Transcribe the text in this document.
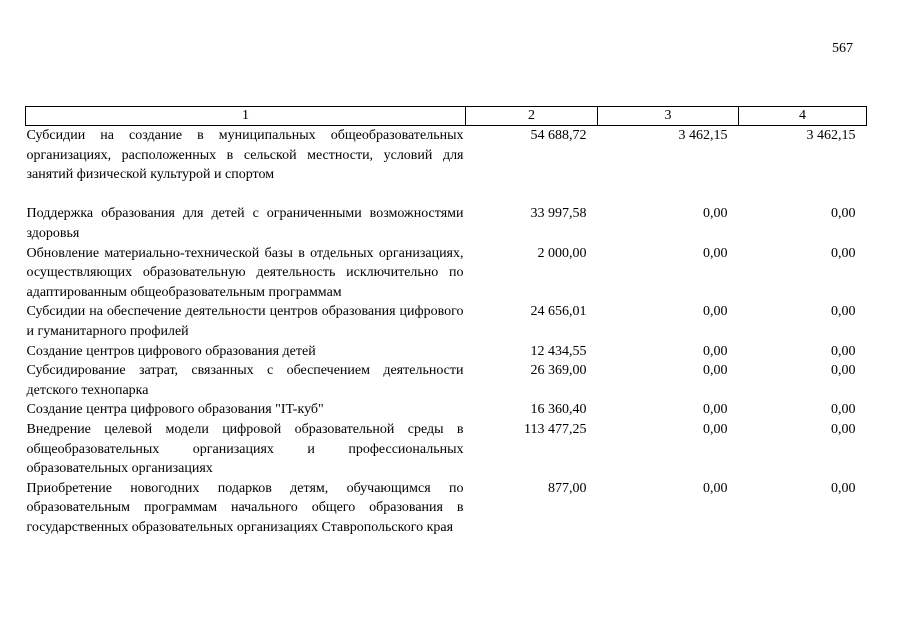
567
1	2	3	4
Субсидии на создание в муниципальных общеобразовательных организациях, расположенных в сельской местности, условий для занятий физической культурой и спортом	54 688,72	3 462,15	3 462,15
Поддержка образования для детей с ограниченными возможностями здоровья	33 997,58	0,00	0,00
Обновление материально-технической базы в отдельных организациях, осуществляющих образовательную деятельность исключительно по адаптированным общеобразовательным программам	2 000,00	0,00	0,00
Субсидии на обеспечение деятельности центров образования цифрового и гуманитарного профилей	24 656,01	0,00	0,00
Создание центров цифрового образования детей	12 434,55	0,00	0,00
Субсидирование затрат, связанных с обеспечением деятельности детского технопарка	26 369,00	0,00	0,00
Создание центра цифрового образования "IT-куб"	16 360,40	0,00	0,00
Внедрение целевой модели цифровой образовательной среды в общеобразовательных организациях и профессиональных образовательных организациях	113 477,25	0,00	0,00
Приобретение новогодних подарков детям, обучающимся по образовательным программам начального общего образования в государственных образовательных организациях Ставропольского края	877,00	0,00	0,00
